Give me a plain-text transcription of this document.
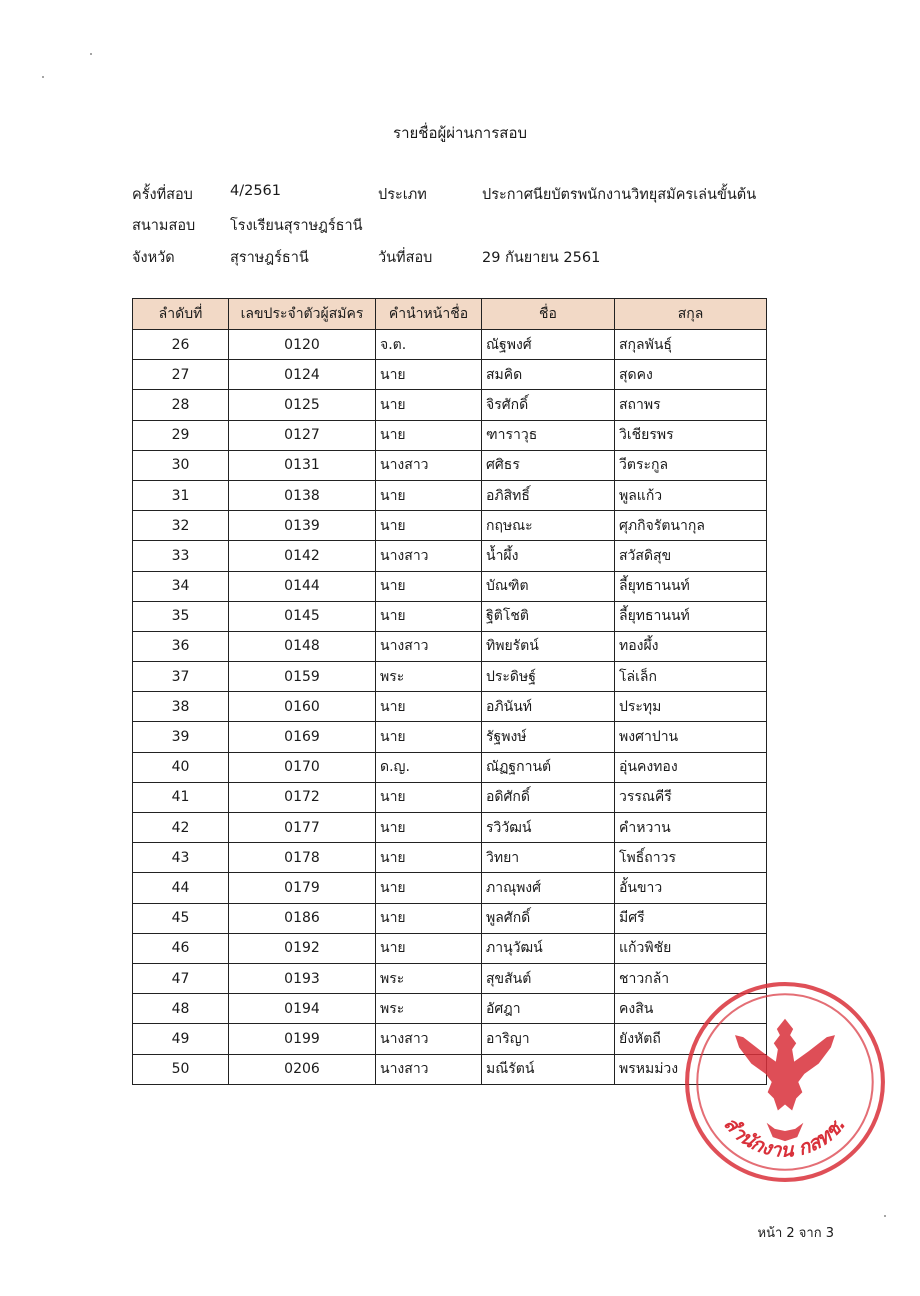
รายชื่อผู้ผ่านการสอบ
ครั้งที่สอบ	4/2561	ประเภท	ประกาศนียบัตรพนักงานวิทยุสมัครเล่นขั้นต้น
สนามสอบ โรงเรียนสุราษฎร์ธานี
จังหวัด	สุราษฎร์ธานี	วันที่สอบ	29 กันยายน 2561
ลำดับที่	เลขประจำตัวผู้สมัคร	คำนำหน้าชื่อ	ชื่อ	สกุล
26	0120	จ.ต.	ณัฐพงศ์	สกุลพันธุ์
27	0124	นาย	สมคิด	สุดคง
28	0125	นาย	จิรศักดิ์	สถาพร
29	0127	นาย	ฑาราวุธ	วิเชียรพร
30	0131	นางสาว	ศศิธร	วีตระกูล
31	0138	นาย	อภิสิทธิ์	พูลแก้ว
32	0139	นาย	กฤษณะ	ศุภกิจรัตนากุล
33	0142	นางสาว	น้ำผึ้ง	สวัสดิสุข
34	0144	นาย	บัณฑิต	ลี้ยุทธานนท์
35	0145	นาย	ฐิติโชติ	ลี้ยุทธานนท์
36	0148	นางสาว	ทิพยรัตน์	ทองผึ้ง
37	0159	พระ	ประดิษฐ์	โล่เล็ก
38	0160	นาย	อภินันท์	ประทุม
39	0169	นาย	รัฐพงษ์	พงศาปาน
40	0170	ด.ญ.	ณัฏฐกานต์	อุ่นคงทอง
41	0172	นาย	อดิศักดิ์	วรรณคีรี
42	0177	นาย	รวิวัฒน์	คำหวาน
43	0178	นาย	วิทยา	โพธิ์ถาวร
44	0179	นาย	ภาณุพงศ์	อั้นขาว
45	0186	นาย	พูลศักดิ์	มีศรี
46	0192	นาย	ภานุวัฒน์	แก้วพิชัย
47	0193	พระ	สุขสันต์	ชาวกล้า
48	0194	พระ	อัศฎา	คงสิน
49	0199	นางสาว	อาริญา	ยังหัตถี
50	0206	นางสาว	มณีรัตน์	พรหมม่วง
สำนักงาน กสทช.
หน้า 2 จาก 3
